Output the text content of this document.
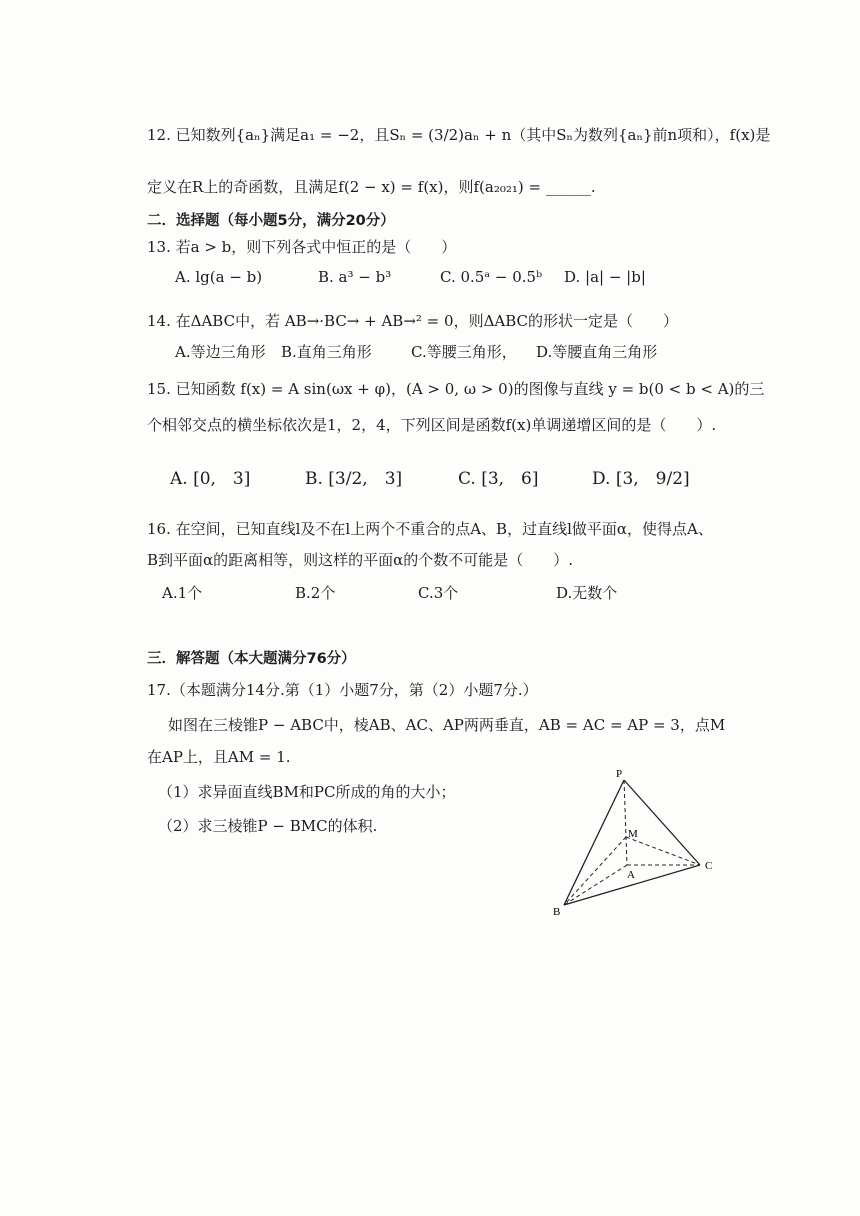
12. 已知数列{aₙ}满足a₁ = −2，且Sₙ = (3/2)aₙ + n（其中Sₙ为数列{aₙ}前n项和），f(x)是
定义在R上的奇函数，且满足f(2 − x) = f(x)，则f(a₂₀₂₁) = ______.
二．选择题（每小题5分，满分20分）
13. 若a > b，则下列各式中恒正的是（　　）
A. lg(a − b)	B. a³ − b³	C. 0.5ᵃ − 0.5ᵇ D. |a| − |b|
14. 在ΔABC中，若 AB→·BC→ + AB→² = 0，则ΔABC的形状一定是（　　）
A.等边三角形 B.直角三角形	C.等腰三角形， D.等腰直角三角形
15. 已知函数 f(x) = A sin(ωx + φ)，(A > 0, ω > 0)的图像与直线 y = b(0 < b < A)的三
个相邻交点的横坐标依次是1，2，4，下列区间是函数f(x)单调递增区间的是（　　）.
A. [0,　3]	B. [3/2,　3]	C. [3,　6]	D. [3,　9/2]
16. 在空间，已知直线l及不在l上两个不重合的点A、B，过直线l做平面α，使得点A、
B到平面α的距离相等，则这样的平面α的个数不可能是（　　）.
A.1个	B.2个	C.3个	D.无数个
三．解答题（本大题满分76分）
17.（本题满分14分.第（1）小题7分，第（2）小题7分.）
如图在三棱锥P − ABC中，棱AB、AC、AP两两垂直，AB = AC = AP = 3，点M
在AP上，且AM = 1.
（1）求异面直线BM和PC所成的角的大小；
（2）求三棱锥P − BMC的体积.
P
M
A
B
C
